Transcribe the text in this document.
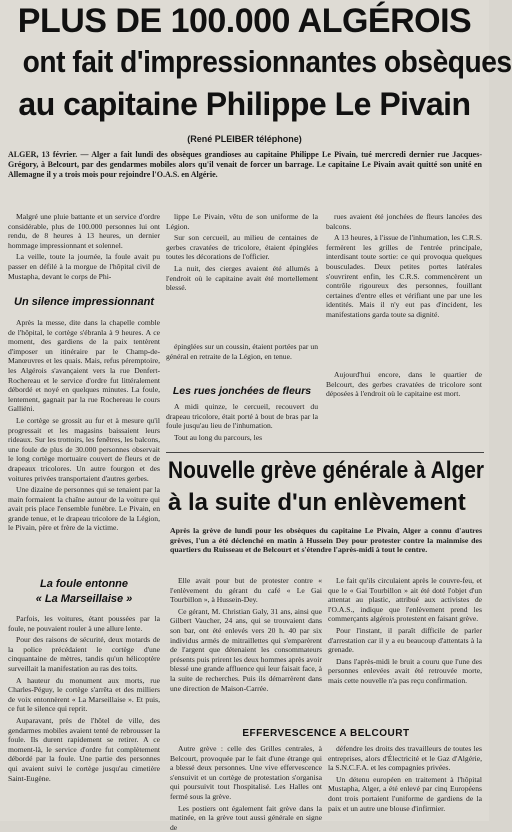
PLUS DE 100.000 ALGÉROIS
ont fait d'impressionnantes obsèques
au capitaine Philippe Le Pivain
(René PLEIBER téléphone)
ALGER, 13 février. — Alger a fait lundi des obsèques grandioses au capitaine Philippe Le Pivain, tué mercredi dernier rue Jacques-Grégory, à Belcourt, par des gendarmes mobiles alors qu'il venait de forcer un barrage. Le capitaine Le Pivain avait quitté son unité en Allemagne il y a trois mois pour rejoindre l'O.A.S. en Algérie.

Malgré une pluie battante et un service d'ordre considérable, plus de 100.000 personnes lui ont rendu, de 8 heures à 13 heures, un dernier hommage impressionnant et solennel.

La veille, toute la journée, la foule avait pu passer en défilé à la morgue de l'hôpital civil de Mustapha, devant le corps de Phi-

Un silence impressionnant

Après la messe, dite dans la chapelle comble de l'hôpital, le cortège s'ébranla à 9 heures. A ce moment, des gardiens de la paix tentèrent d'imposer un itinéraire par le Champ-de-Manœuvres et les quais. Mais, refus péremptoire, les Algérois s'avançaient vers la rue Denfert-Rochereau et le service d'ordre fut littéralement débordé et noyé en quelques minutes. La foule, lentement, gagnait par la rue Rochereau le cours Galliéni.

Le cortège se grossit au fur et à mesure qu'il progressait et les magasins baissaient leurs rideaux. Sur les trottoirs, les fenêtres, les balcons, une foule de plus de 30.000 personnes observait le long cortège mortuaire couvert de fleurs et de drapeaux tricolores. Un autre fourgon et des voitures privées transportaient d'autres gerbes.

Une dizaine de personnes qui se tenaient par la main formaient la chaîne autour de la voiture qui avait pris place l'ensemble funèbre. Le Pivain, en grande tenue, et le drapeau tricolore de la Légion, le Pivain, père et frère de la victime.

La foule entonne
« La Marseillaise »

Parfois, les voitures, étant poussées par la foule, ne pouvaient rouler à une allure lente.

Pour des raisons de sécurité, deux motards de la police précédaient le cortège d'une cinquantaine de mètres, tandis qu'un hélicoptère surveillait la manifestation au ras des toits.

A hauteur du monument aux morts, rue Charles-Péguy, le cortège s'arrêta et des milliers de voix entonnèrent « La Marseillaise ». Et puis, ce fut le silence qui reprit.

Auparavant, près de l'hôtel de ville, des gendarmes mobiles avaient tenté de rebrousser la foule. Ils durent rapidement se retirer. A ce moment-là, le service d'ordre fut complètement débordé par la foule. Une partie des personnes qui avaient suivi le cortège jusqu'au cimetière Saint-Eugène.

lippe Le Pivain, vêtu de son uniforme de la Légion.

Sur son cercueil, au milieu de centaines de gerbes cravatées de tricolore, étaient épinglées toutes les décorations de l'officier.

La nuit, des cierges avaient été allumés à l'endroit où le capitaine avait été mortellement blessé.

épinglées sur un coussin, étaient portées par un général en retraite de la Légion, en tenue.

Les rues jonchées de fleurs

A midi quinze, le cercueil, recouvert du drapeau tricolore, était porté à bout de bras par la foule jusqu'au lieu de l'inhumation.

Tout au long du parcours, les

rues avaient été jonchées de fleurs lancées des balcons.

A 13 heures, à l'issue de l'inhumation, les C.R.S. fermèrent les grilles de l'entrée principale, interdisant toute sortie: ce qui provoqua quelques bousculades. Deux petites portes latérales s'ouvrirent enfin, les C.R.S. commencèrent un contrôle rigoureux des personnes, fouillant certaines d'entre elles et vérifiant une par une les identités. Mais il n'y eut pas d'incident, les manifestations garda toute sa dignité.

Aujourd'hui encore, dans le quartier de Belcourt, des gerbes cravatées de tricolore sont déposées à l'endroit où le capitaine est mort.

Nouvelle grève générale à Alger
à la suite d'un enlèvement
Après la grève de lundi pour les obsèques du capitaine Le Pivain, Alger a connu d'autres grèves, l'un a été déclenché en matin à Hussein Dey pour protester contre la mainmise des quartiers du Ruisseau et de Belcourt et s'étendre l'après-midi à tout le centre.

Elle avait pour but de protester contre « l'enlèvement du gérant du café « Le Gai Tourbillon », à Hussein-Dey.

Ce gérant, M. Christian Galy, 31 ans, ainsi que Gilbert Vaucher, 24 ans, qui se trouvaient dans son bar, ont été enlevés vers 20 h. 40 par six individus armés de mitraillettes qui s'emparèrent de l'argent que détenaient les consommateurs présents puis prirent les deux hommes après avoir blessé une grande affluence qui leur faisait face, à la suite de recherches. Puis ils démarrèrent dans une direction de Maison-Carrée.

Le fait qu'ils circulaient après le couvre-feu, et que le « Gai Tourbillon » ait été doté l'objet d'un attentat au plastic, attribué aux activistes de l'O.A.S., indique que l'enlèvement prend les commerçants algérois protestent en faisant grève.

Pour l'instant, il paraît difficile de parler d'arrestation car il y a eu beaucoup d'attentats à la grenade.

Dans l'après-midi le bruit a couru que l'une des personnes enlevées avait été retrouvée morte, mais cette nouvelle n'a pas reçu confirmation.

EFFERVESCENCE A BELCOURT

Autre grève : celle des Grilles centrales, à Belcourt, provoquée par le fait d'une étrange qui a blessé deux personnes. Une vive effervescence s'ensuivit et un cortège de protestation s'organisa qui poursuivit tout l'hospitalisé. Les Halles ont fermé sous la grève.

Les postiers ont également fait grève dans la matinée, en la grève tout aussi générale en signe de

défendre les droits des travailleurs de toutes les entreprises, alors d'Électricité et le Gaz d'Algérie, la S.N.C.F.A. et les compagnies privées.

Un détenu européen en traitement à l'hôpital Mustapha, Alger, a été enlevé par cinq Européens dont trois portaient l'uniforme de gardiens de la paix et un autre une blouse d'infirmier.
